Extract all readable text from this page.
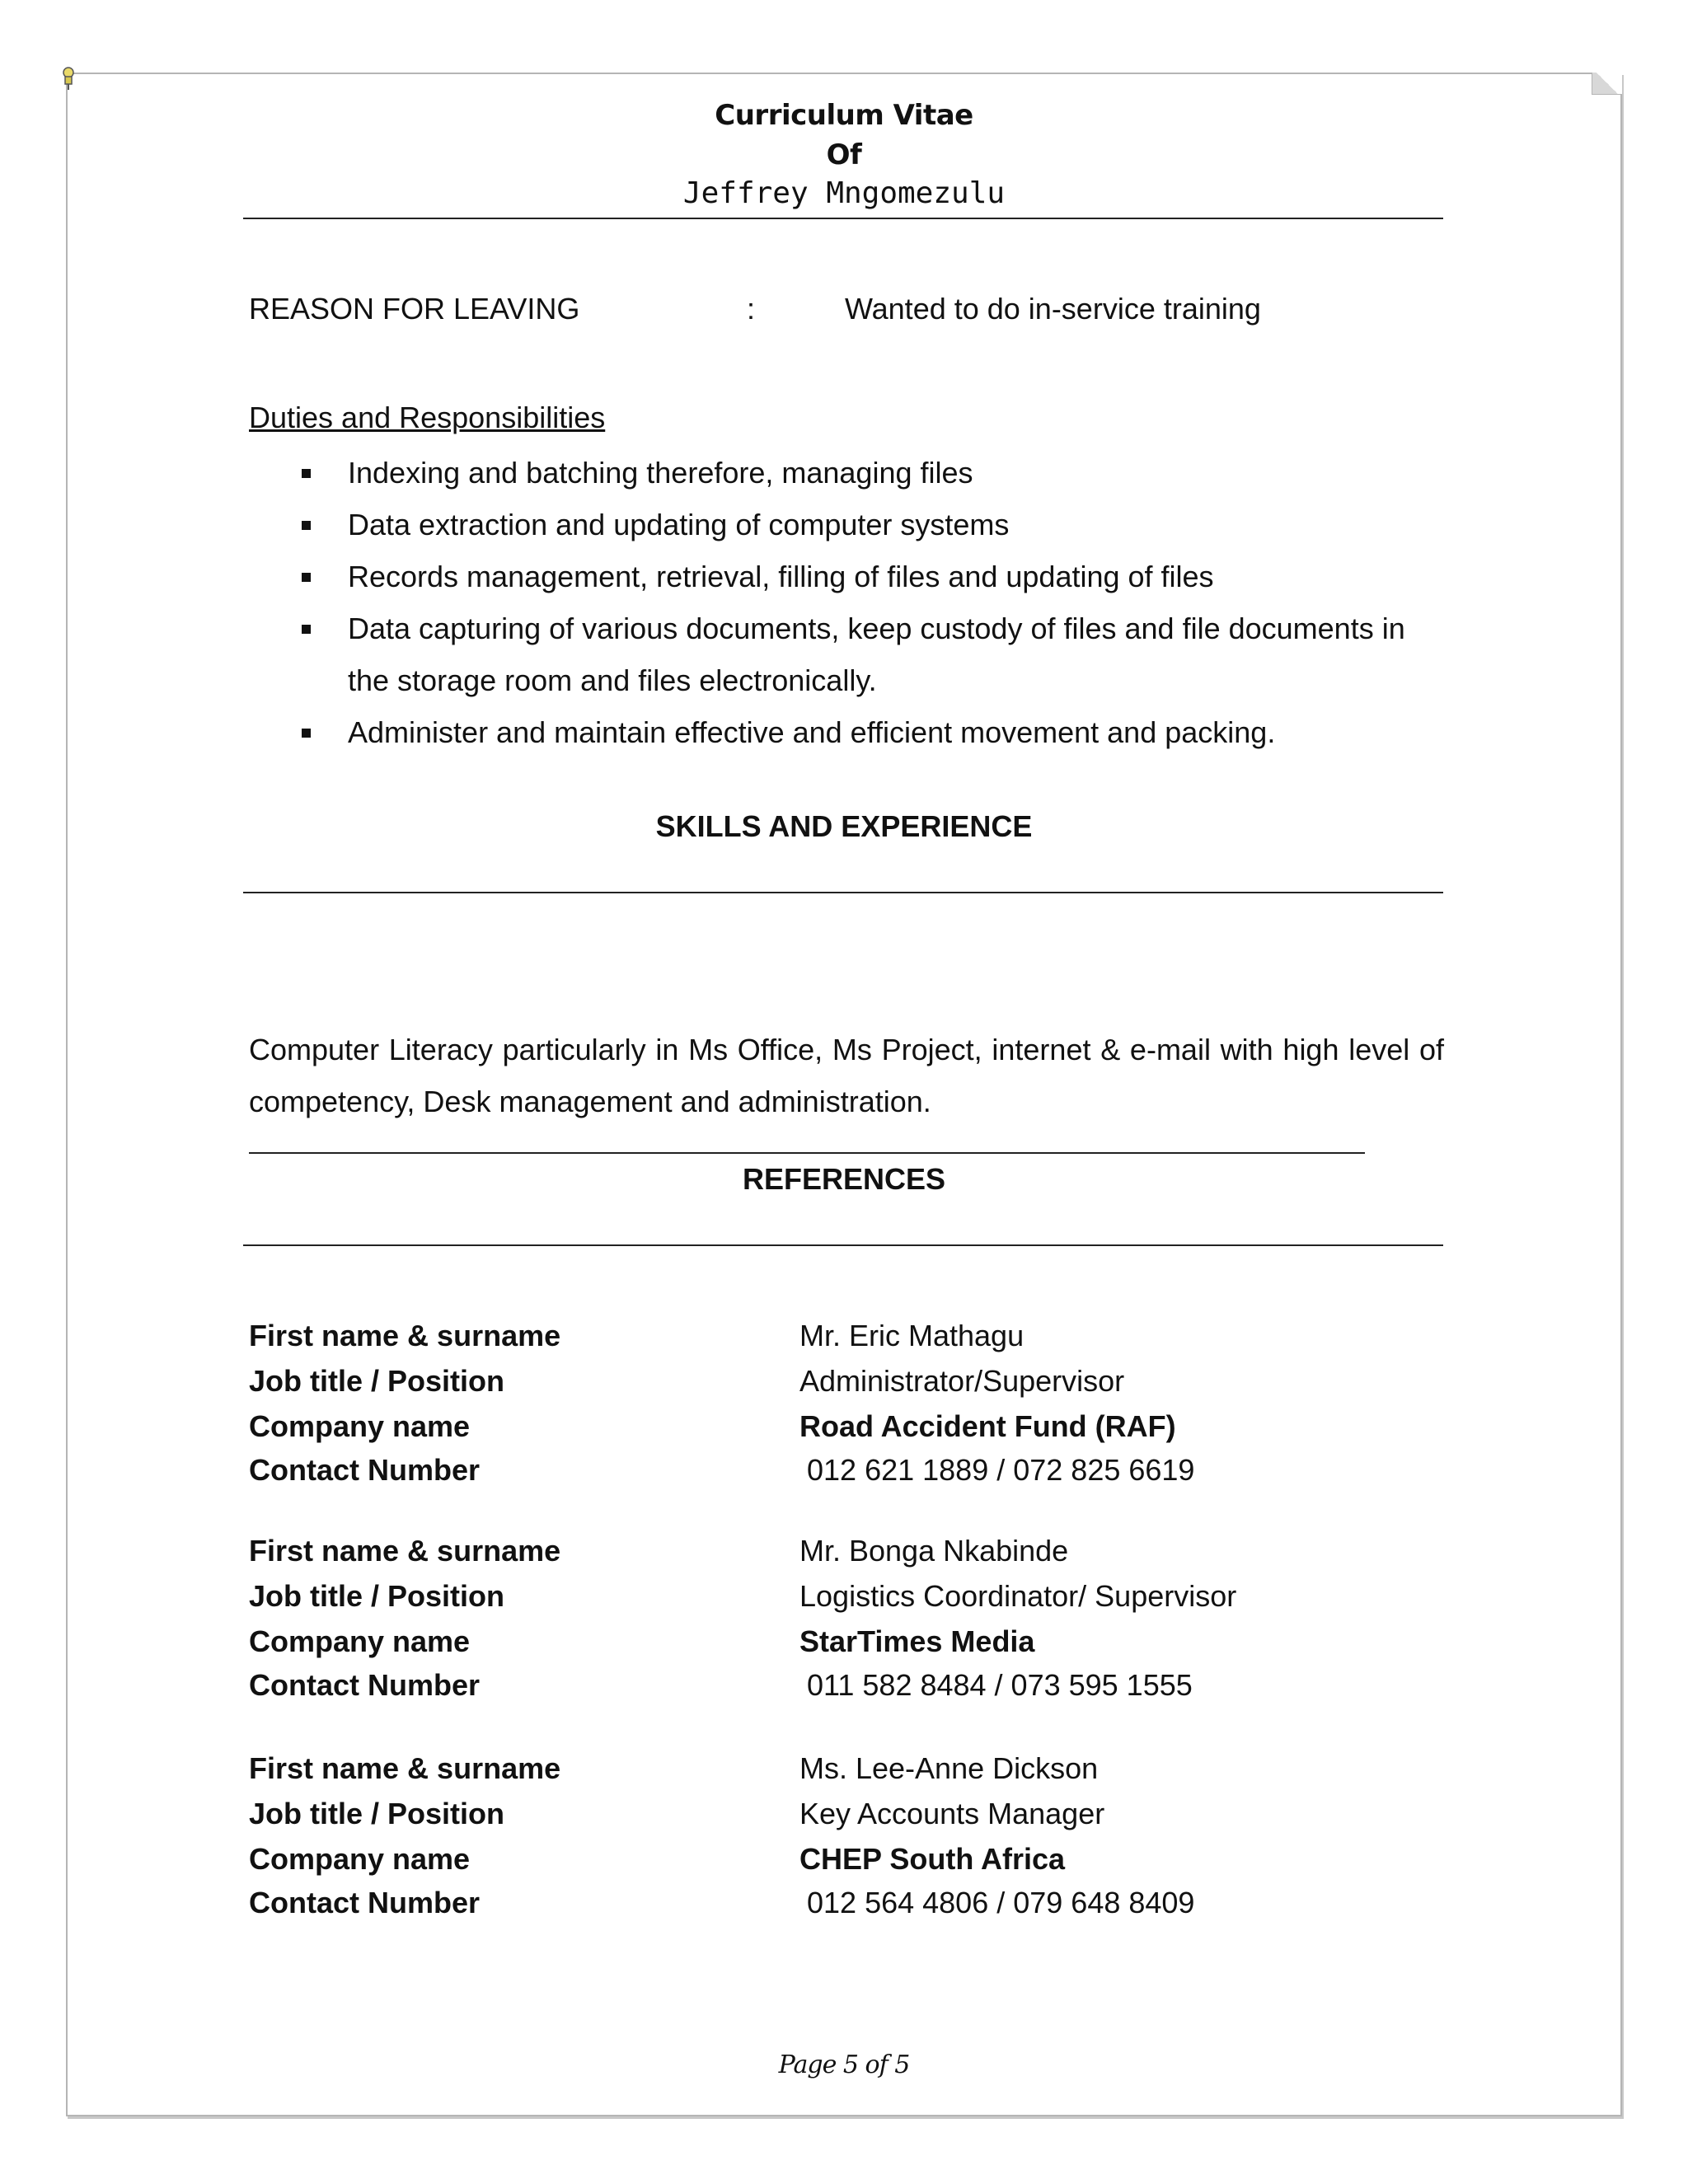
Curriculum Vitae
Of
Jeffrey Mngomezulu
REASON FOR LEAVING	:	Wanted to do in-service training
Duties and Responsibilities
Indexing and batching therefore, managing files
Data extraction and updating of computer systems
Records management, retrieval, filling of files and updating of files
Data capturing of various documents, keep custody of files and file documents in the storage room and files electronically.
Administer and maintain effective and efficient movement and packing.
SKILLS AND EXPERIENCE
Computer Literacy particularly in Ms Office, Ms Project, internet & e-mail with high level of competency, Desk management and administration.
REFERENCES
First name & surname	Mr. Eric Mathagu
Job title / Position	Administrator/Supervisor
Company name	Road Accident Fund (RAF)
Contact Number	012 621 1889 / 072 825 6619
First name & surname	Mr. Bonga Nkabinde
Job title / Position	Logistics Coordinator/ Supervisor
Company name	StarTimes Media
Contact Number	011 582 8484 / 073 595 1555
First name & surname	Ms. Lee-Anne Dickson
Job title / Position	Key Accounts Manager
Company name	CHEP South Africa
Contact Number	012 564 4806 / 079 648 8409
Page 5 of 5
